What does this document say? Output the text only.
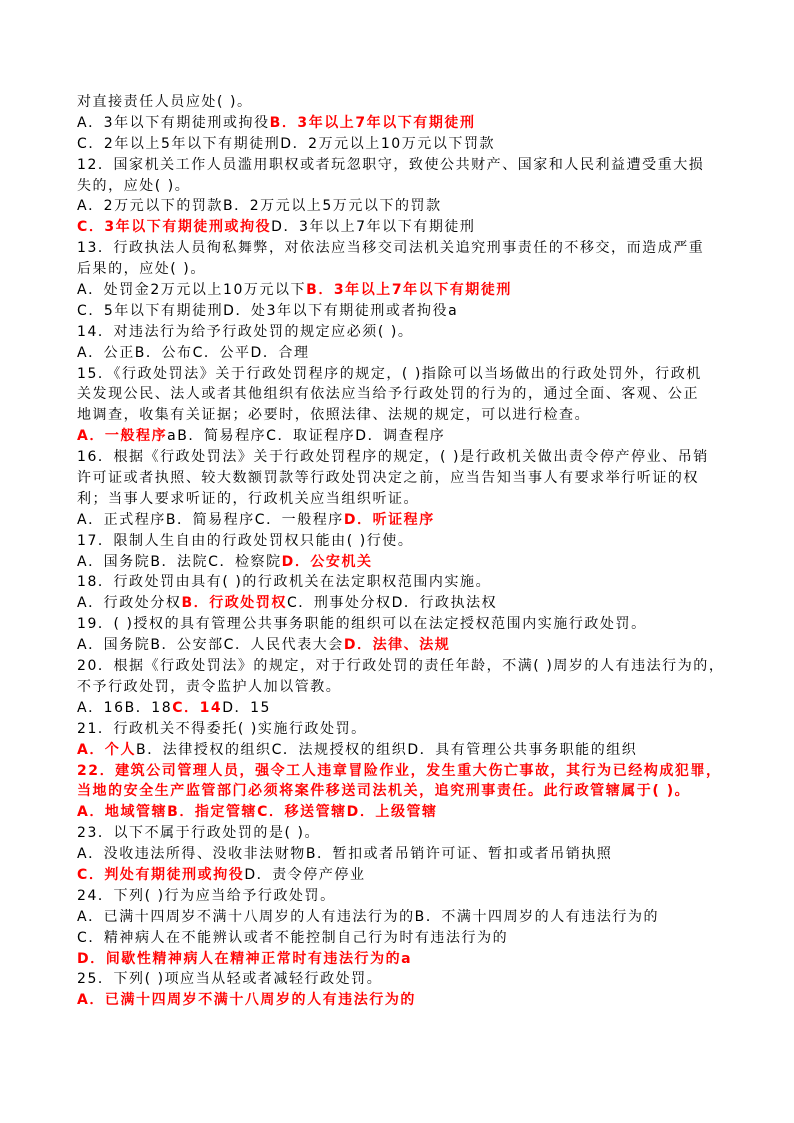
对直接责任人员应处( )。
A．3年以下有期徒刑或拘役B．3年以上7年以下有期徒刑
C．2年以上5年以下有期徒刑D．2万元以上10万元以下罚款
12．国家机关工作人员滥用职权或者玩忽职守，致使公共财产、国家和人民利益遭受重大损
失的，应处( )。
A．2万元以下的罚款B．2万元以上5万元以下的罚款
C．3年以下有期徒刑或拘役D．3年以上7年以下有期徒刑
13．行政执法人员徇私舞弊，对依法应当移交司法机关追究刑事责任的不移交，而造成严重
后果的，应处( )。
A．处罚金2万元以上10万元以下B．3年以上7年以下有期徒刑
C．5年以下有期徒刑D．处3年以下有期徒刑或者拘役a
14．对违法行为给予行政处罚的规定应必须( )。
A．公正B．公布C．公平D．合理
15．《行政处罚法》关于行政处罚程序的规定，( )指除可以当场做出的行政处罚外，行政机
关发现公民、法人或者其他组织有依法应当给予行政处罚的行为的，通过全面、客观、公正
地调查，收集有关证据；必要时，依照法律、法规的规定，可以进行检查。
A．一般程序aB．简易程序C．取证程序D．调查程序
16．根据《行政处罚法》关于行政处罚程序的规定，( )是行政机关做出责令停产停业、吊销
许可证或者执照、较大数额罚款等行政处罚决定之前，应当告知当事人有要求举行听证的权
利；当事人要求听证的，行政机关应当组织听证。
A．正式程序B．简易程序C．一般程序D．听证程序
17．限制人生自由的行政处罚权只能由( )行使。
A．国务院B．法院C．检察院D．公安机关
18．行政处罚由具有( )的行政机关在法定职权范围内实施。
A．行政处分权B．行政处罚权C．刑事处分权D．行政执法权
19．( )授权的具有管理公共事务职能的组织可以在法定授权范围内实施行政处罚。
A．国务院B．公安部C．人民代表大会D．法律、法规
20．根据《行政处罚法》的规定，对于行政处罚的责任年龄，不满( )周岁的人有违法行为的，
不予行政处罚，责令监护人加以管教。
A．16B．18C．14D．15
21．行政机关不得委托( )实施行政处罚。
A．个人B．法律授权的组织C．法规授权的组织D．具有管理公共事务职能的组织
22．建筑公司管理人员，强令工人违章冒险作业，发生重大伤亡事故，其行为已经构成犯罪，
当地的安全生产监管部门必须将案件移送司法机关，追究刑事责任。此行政管辖属于( )。
A．地域管辖B．指定管辖C．移送管辖D．上级管辖
23．以下不属于行政处罚的是( )。
A．没收违法所得、没收非法财物B．暂扣或者吊销许可证、暂扣或者吊销执照
C．判处有期徒刑或拘役D．责令停产停业
24．下列( )行为应当给予行政处罚。
A．已满十四周岁不满十八周岁的人有违法行为的B．不满十四周岁的人有违法行为的
C．精神病人在不能辨认或者不能控制自己行为时有违法行为的
D．间歇性精神病人在精神正常时有违法行为的a
25．下列( )项应当从轻或者减轻行政处罚。
A．已满十四周岁不满十八周岁的人有违法行为的
